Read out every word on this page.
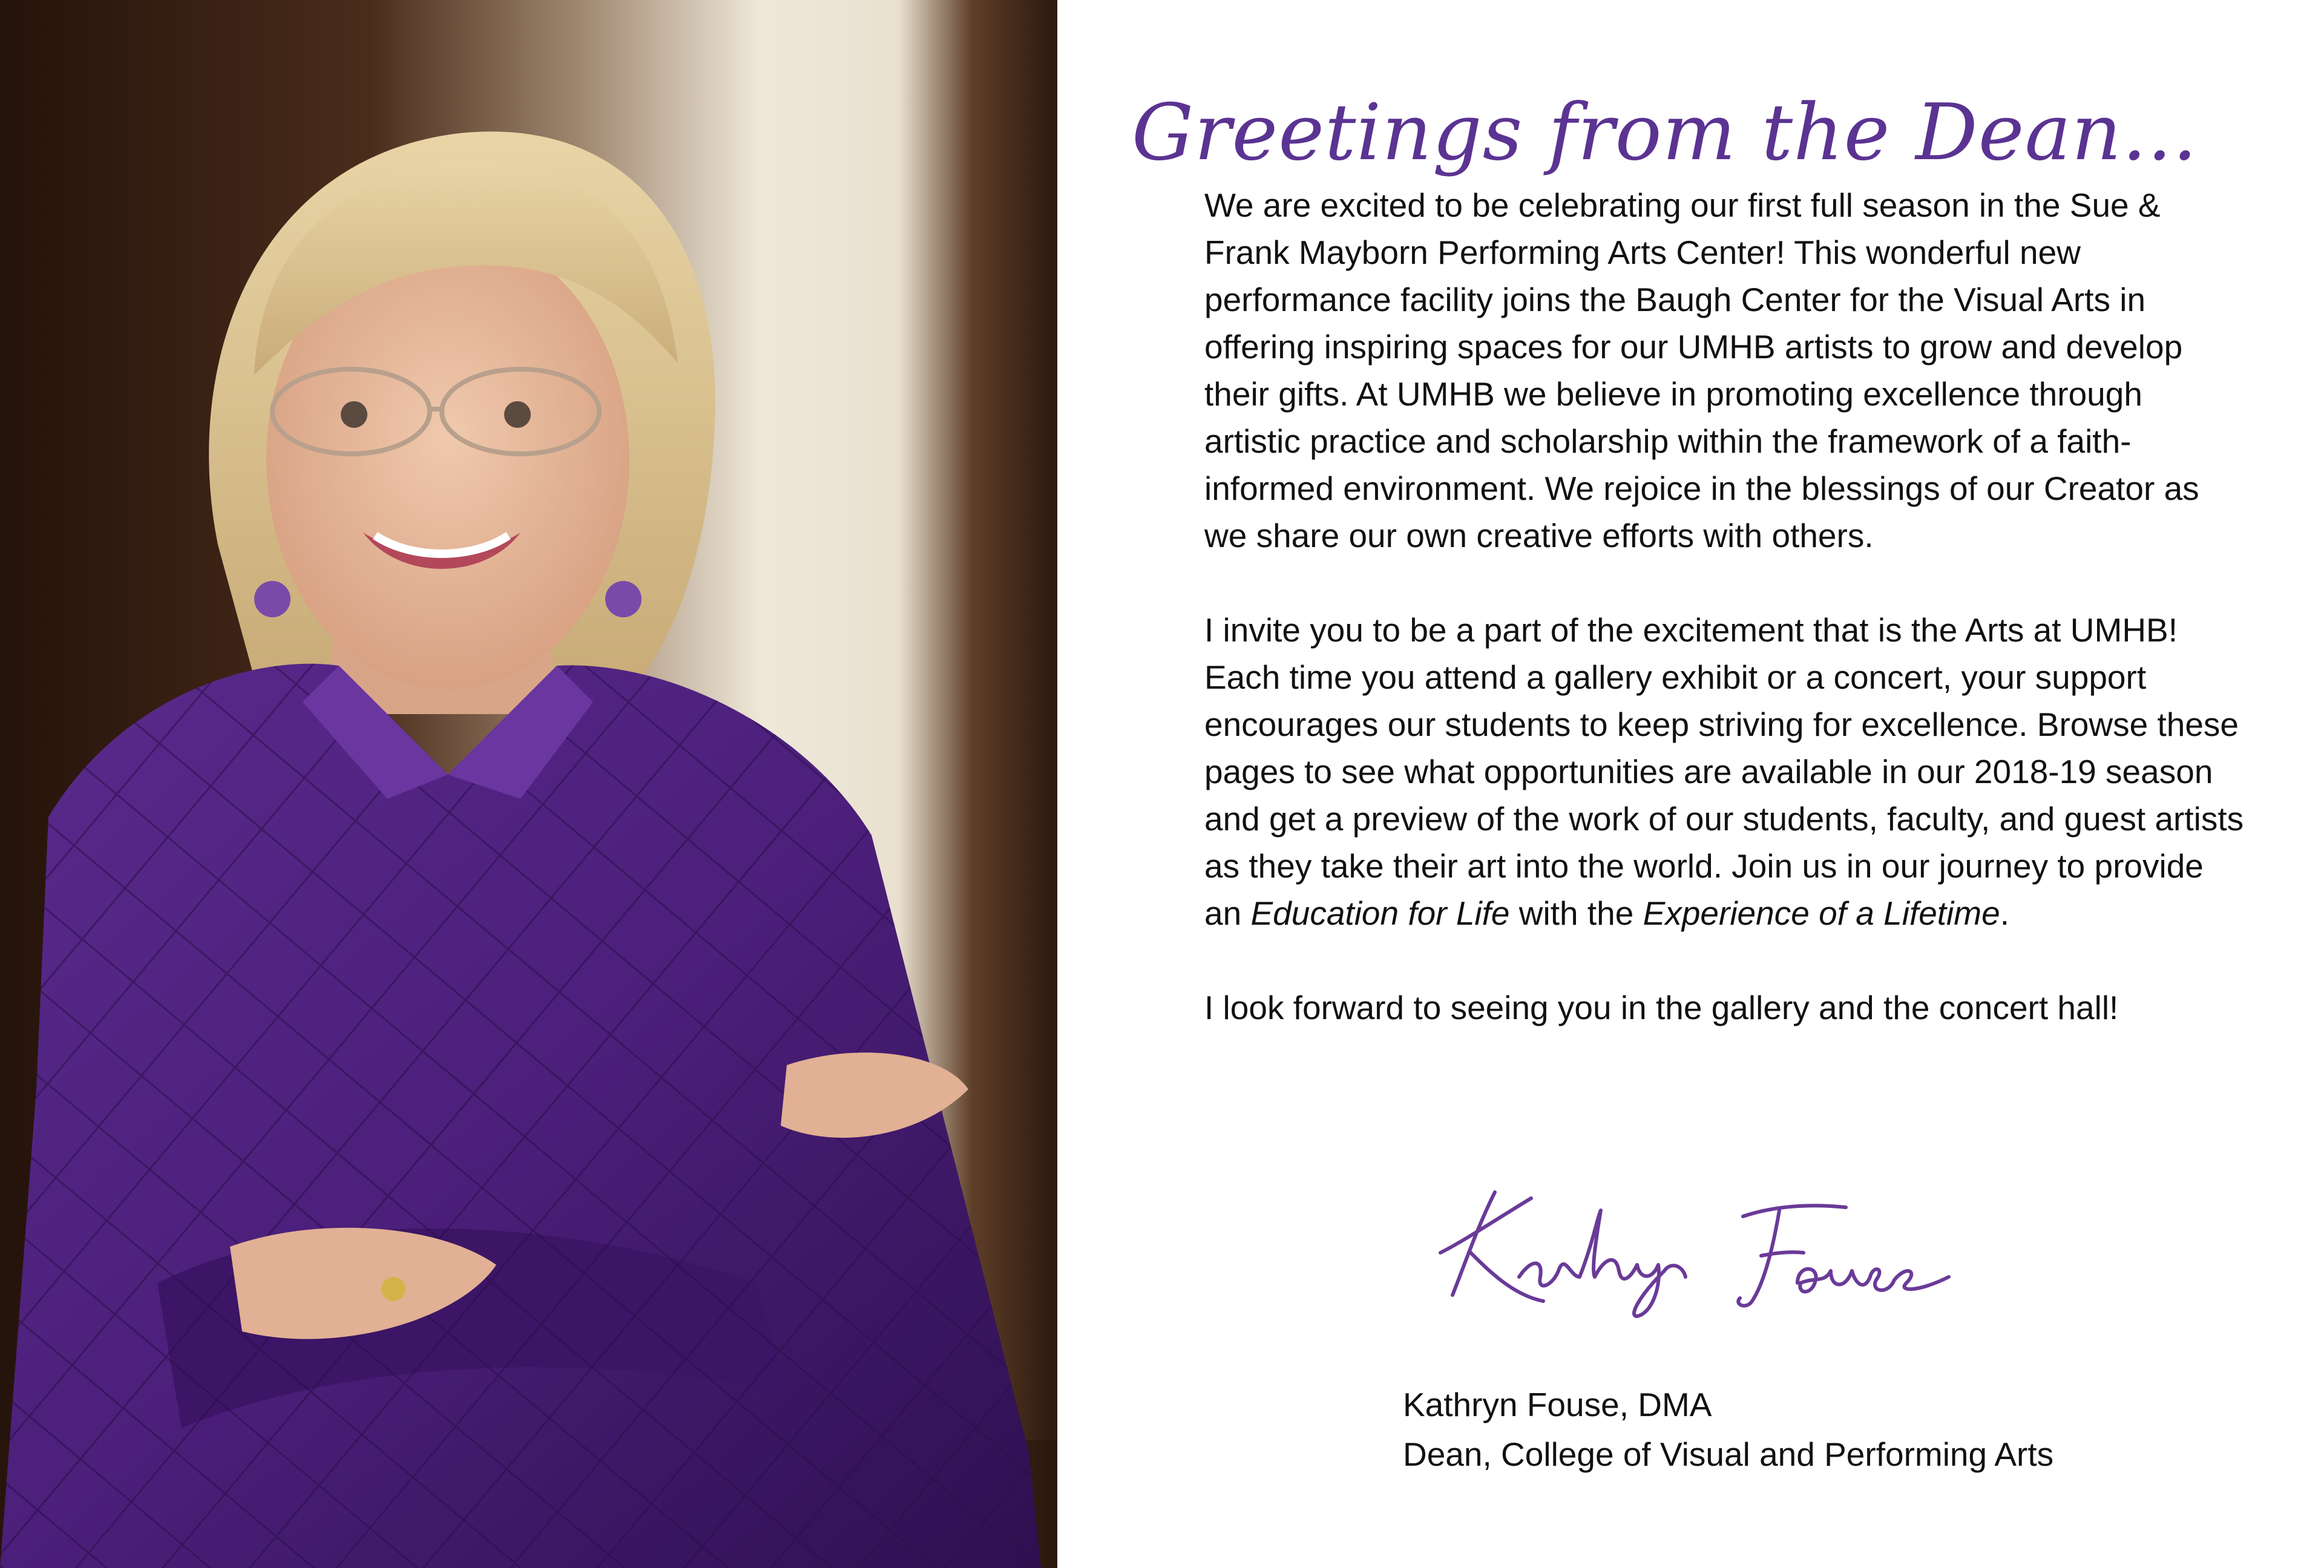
Greetings from the Dean...

We are excited to be celebrating our first full season in the Sue & Frank Mayborn Performing Arts Center! This wonderful new performance facility joins the Baugh Center for the Visual Arts in offering inspiring spaces for our UMHB artists to grow and develop their gifts. At UMHB we believe in promoting excellence through artistic practice and scholarship within the framework of a faith-informed environment. We rejoice in the blessings of our Creator as we share our own creative efforts with others.

I invite you to be a part of the excitement that is the Arts at UMHB! Each time you attend a gallery exhibit or a concert, your support encourages our students to keep striving for excellence. Browse these pages to see what opportunities are available in our 2018-19 season and get a preview of the work of our students, faculty, and guest artists as they take their art into the world. Join us in our journey to provide an Education for Life with the Experience of a Lifetime.

I look forward to seeing you in the gallery and the concert hall!

Kathryn Fouse, DMA
Dean, College of Visual and Performing Arts
